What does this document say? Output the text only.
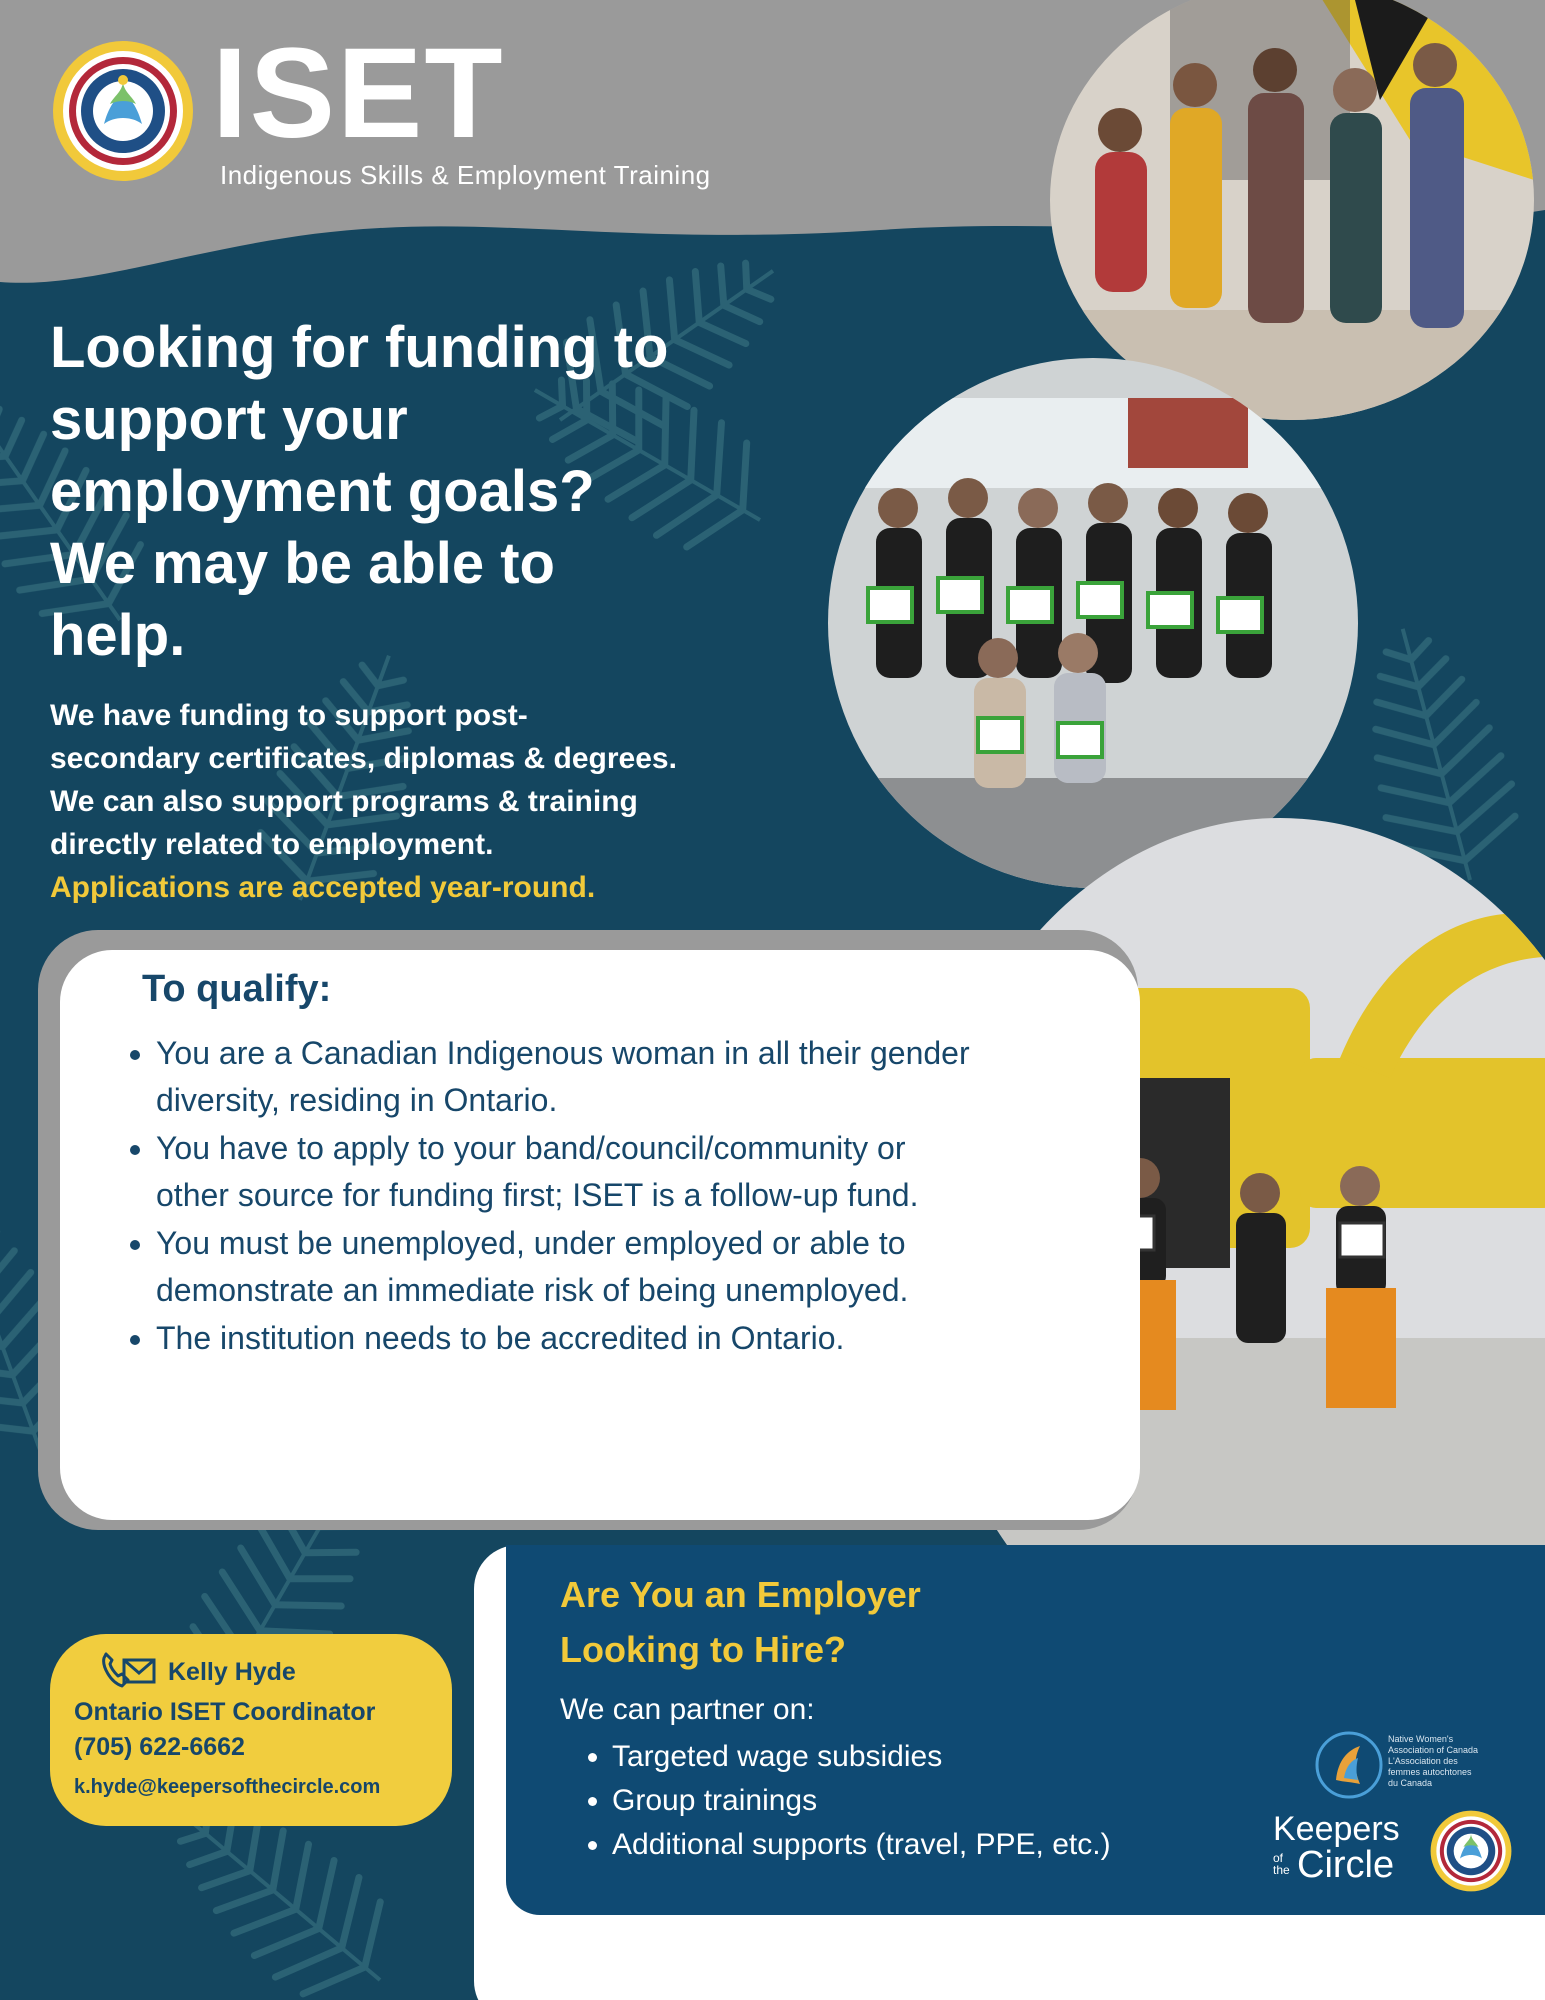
ISET
Indigenous Skills & Employment Training
Looking for funding to
support your
employment goals?
We may be able to
help.
We have funding to support post-
secondary certificates, diplomas & degrees.
We can also support programs & training
directly related to employment.
Applications are accepted year-round.
To qualify:
• You are a Canadian Indigenous woman in all their gender diversity, residing in Ontario.
• You have to apply to your band/council/community or other source for funding first; ISET is a follow-up fund.
• You must be unemployed, under employed or able to demonstrate an immediate risk of being unemployed.
• The institution needs to be accredited in Ontario.
Are You an Employer
Looking to Hire?
We can partner on:
• Targeted wage subsidies
• Group trainings
• Additional supports (travel, PPE, etc.)
Kelly Hyde
Ontario ISET Coordinator
(705) 622-6662
k.hyde@keepersofthecircle.com
Native Women's
Association of Canada
L'Association des
femmes autochtones
du Canada
Keepers
of the Circle
